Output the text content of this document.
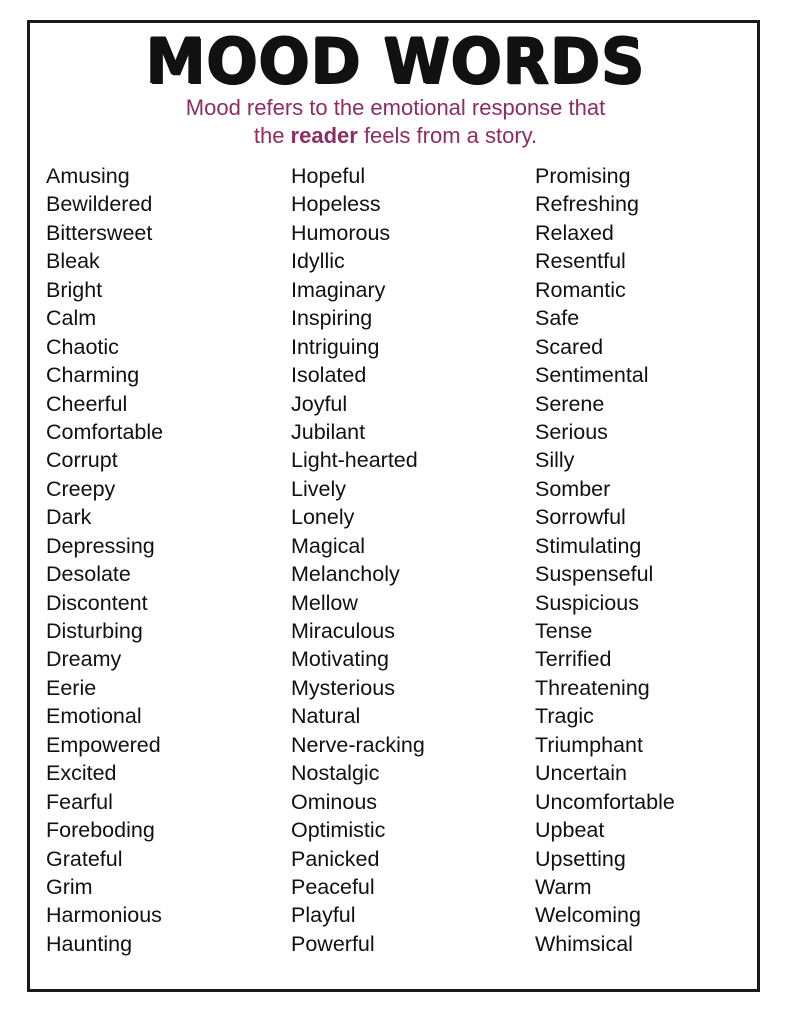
MOOD WORDS
Mood refers to the emotional response that
the reader feels from a story.
Amusing
Bewildered
Bittersweet
Bleak
Bright
Calm
Chaotic
Charming
Cheerful
Comfortable
Corrupt
Creepy
Dark
Depressing
Desolate
Discontent
Disturbing
Dreamy
Eerie
Emotional
Empowered
Excited
Fearful
Foreboding
Grateful
Grim
Harmonious
Haunting
Hopeful
Hopeless
Humorous
Idyllic
Imaginary
Inspiring
Intriguing
Isolated
Joyful
Jubilant
Light-hearted
Lively
Lonely
Magical
Melancholy
Mellow
Miraculous
Motivating
Mysterious
Natural
Nerve-racking
Nostalgic
Ominous
Optimistic
Panicked
Peaceful
Playful
Powerful
Promising
Refreshing
Relaxed
Resentful
Romantic
Safe
Scared
Sentimental
Serene
Serious
Silly
Somber
Sorrowful
Stimulating
Suspenseful
Suspicious
Tense
Terrified
Threatening
Tragic
Triumphant
Uncertain
Uncomfortable
Upbeat
Upsetting
Warm
Welcoming
Whimsical
